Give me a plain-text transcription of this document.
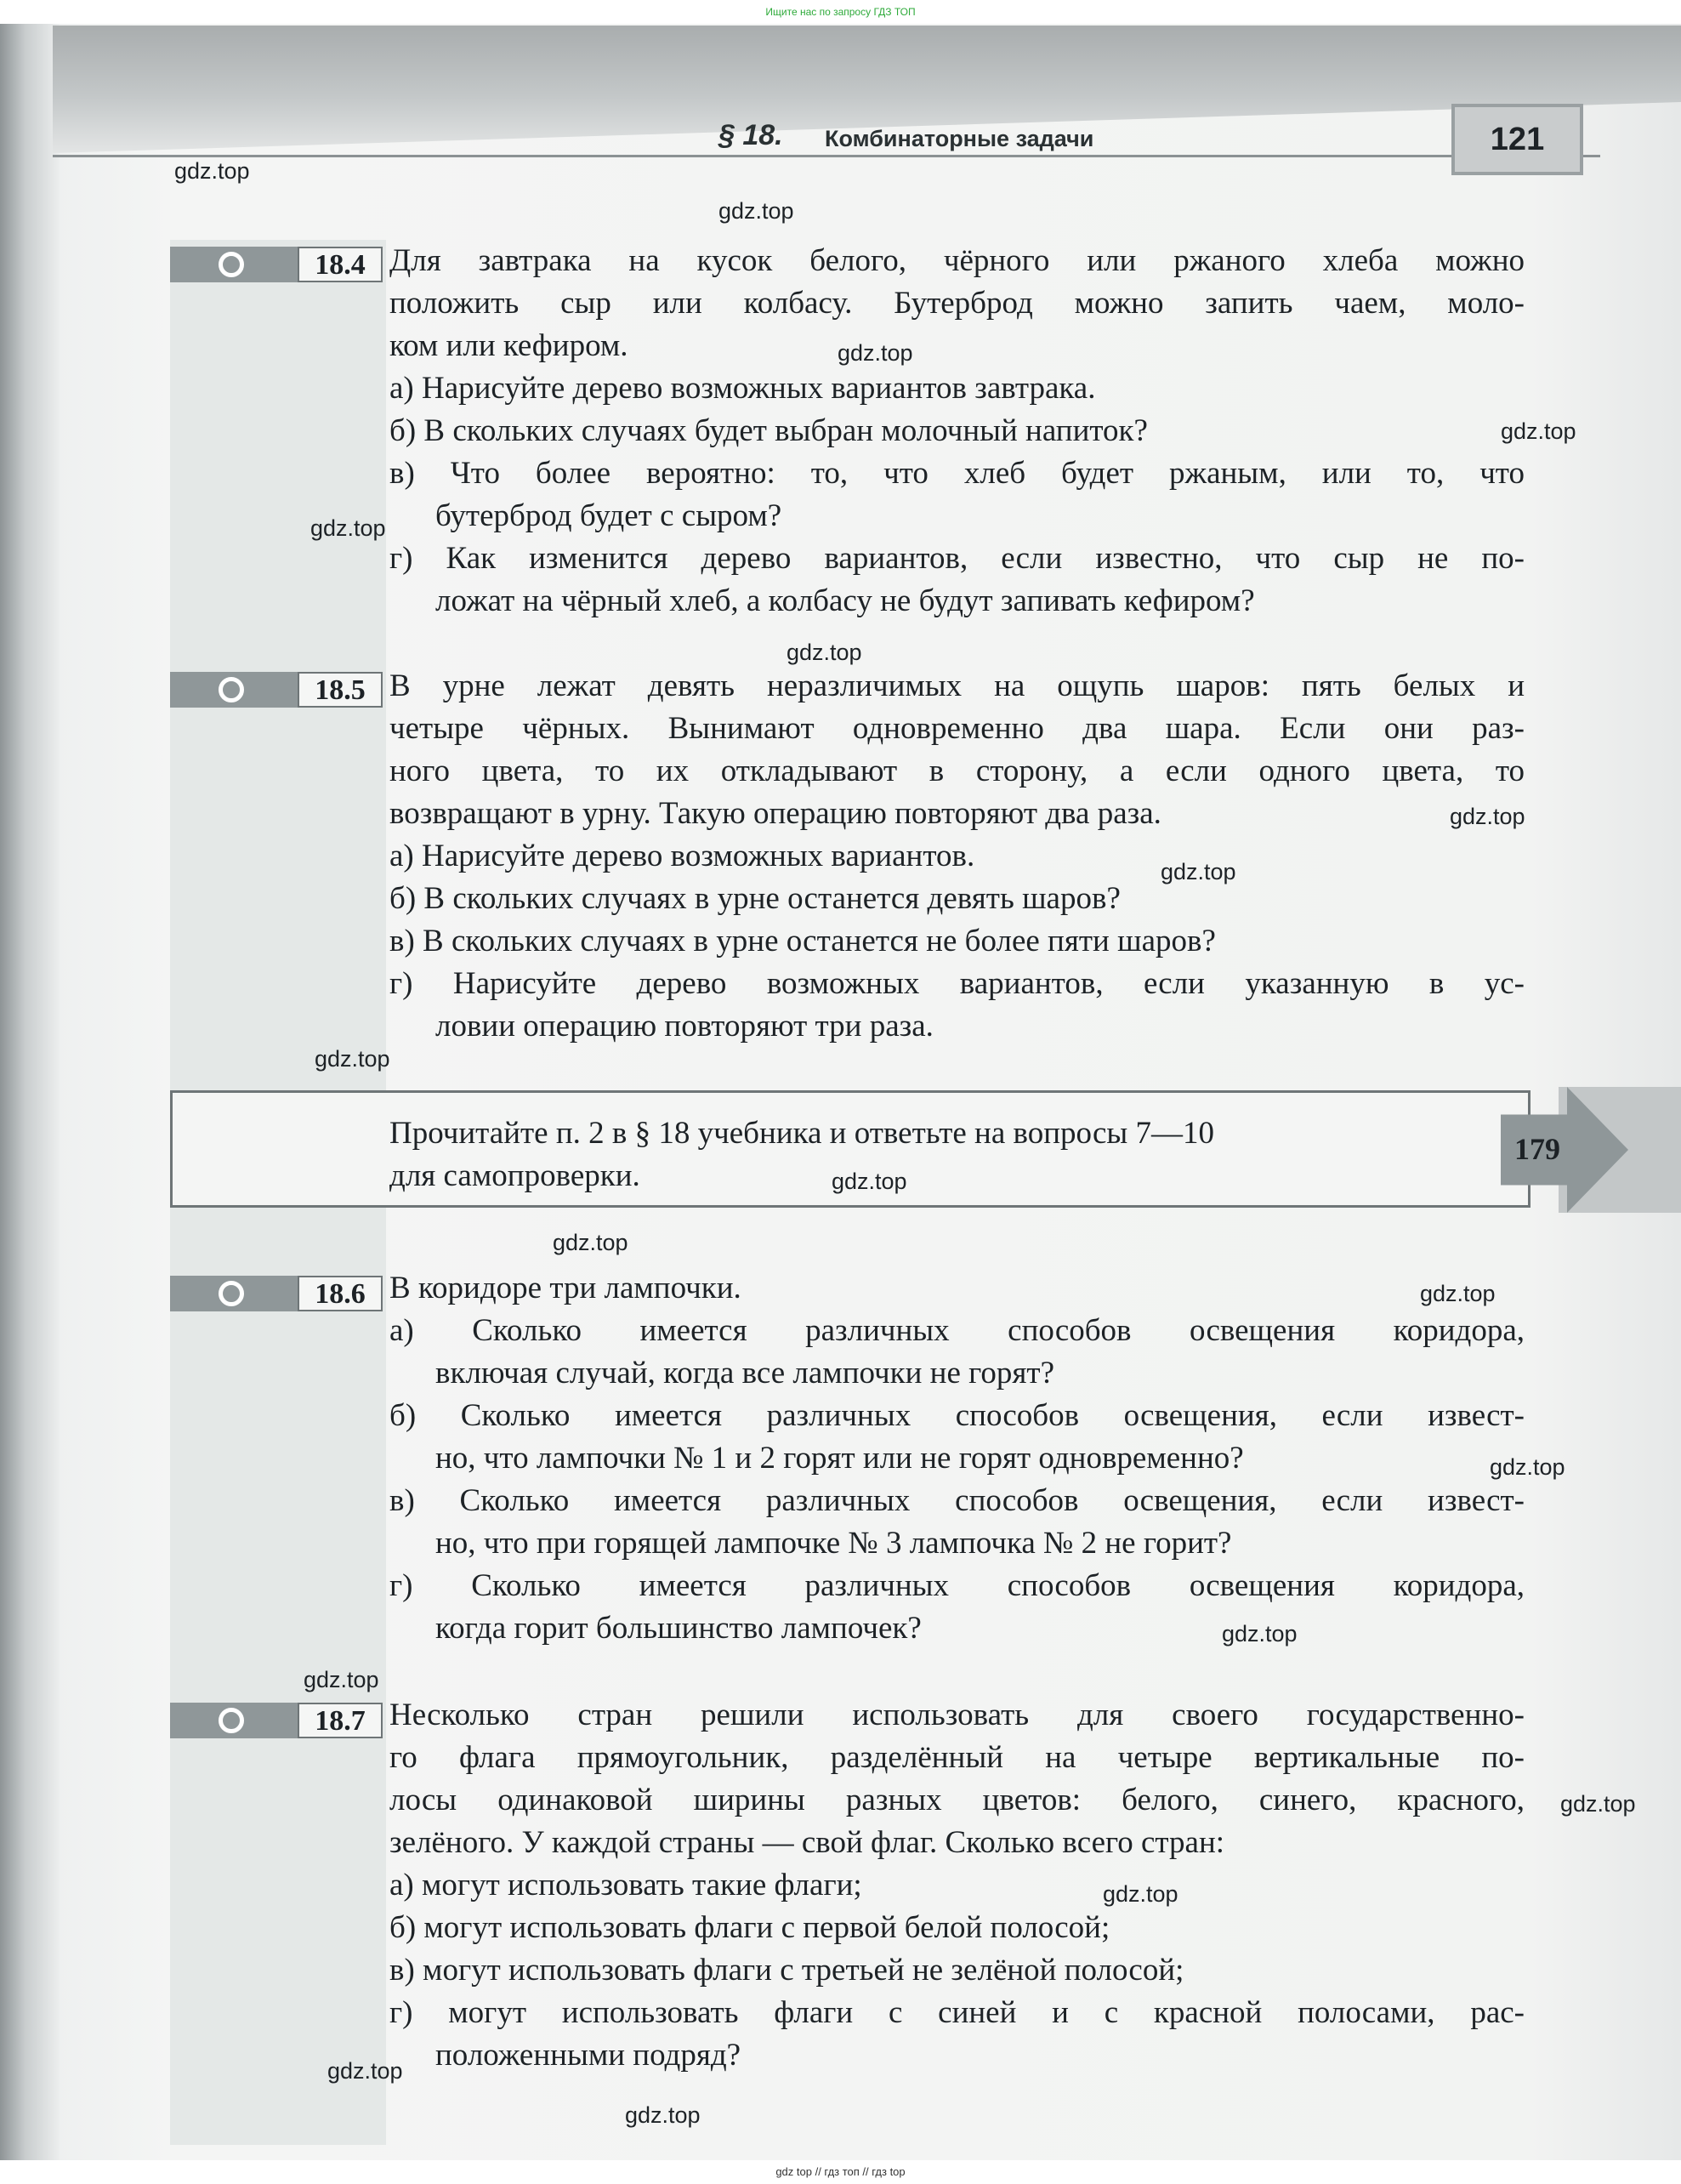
Ищите нас по запросу ГДЗ ТОП
§ 18. Комбинаторные задачи	121
18.4 Для завтрака на кусок белого, чёрного или ржаного хлеба можно

положить сыр или колбасу. Бутерброд можно запить чаем, моло-

ком или кефиром.

а) Нарисуйте дерево возможных вариантов завтрака.

б) В скольких случаях будет выбран молочный напиток?

в) Что более вероятно: то, что хлеб будет ржаным, или то, что

бутерброд будет с сыром?

г) Как изменится дерево вариантов, если известно, что сыр не по-

ложат на чёрный хлеб, а колбасу не будут запивать кефиром?

18.5 В урне лежат девять неразличимых на ощупь шаров: пять белых и

четыре чёрных. Вынимают одновременно два шара. Если они раз-

ного цвета, то их откладывают в сторону, а если одного цвета, то

возвращают в урну. Такую операцию повторяют два раза.

а) Нарисуйте дерево возможных вариантов.

б) В скольких случаях в урне останется девять шаров?

в) В скольких случаях в урне останется не более пяти шаров?

г) Нарисуйте дерево возможных вариантов, если указанную в ус-

ловии операцию повторяют три раза.

179

Прочитайте п. 2 в § 18 учебника и ответьте на вопросы 7—10

для самопроверки.

18.6 В коридоре три лампочки.

а) Сколько имеется различных способов освещения коридора,

включая случай, когда все лампочки не горят?

б) Сколько имеется различных способов освещения, если извест-

но, что лампочки № 1 и 2 горят или не горят одновременно?

в) Сколько имеется различных способов освещения, если извест-

но, что при горящей лампочке № 3 лампочка № 2 не горит?

г) Сколько имеется различных способов освещения коридора,

когда горит большинство лампочек?

18.7 Несколько стран решили использовать для своего государственно-

го флага прямоугольник, разделённый на четыре вертикальные по-

лосы одинаковой ширины разных цветов: белого, синего, красного,

зелёного. У каждой страны — свой флаг. Сколько всего стран:

а) могут использовать такие флаги;

б) могут использовать флаги с первой белой полосой;

в) могут использовать флаги с третьей не зелёной полосой;

г) могут использовать флаги с синей и с красной полосами, рас-

положенными подряд?

gdz.top
gdz.top
gdz.top
gdz.top
gdz.top
gdz.top
gdz.top
gdz.top
gdz.top
gdz.top
gdz.top
gdz.top
gdz.top
gdz.top
gdz.top
gdz.top
gdz.top
gdz.top
gdz.top
gdz top // гдз топ // гдз top
